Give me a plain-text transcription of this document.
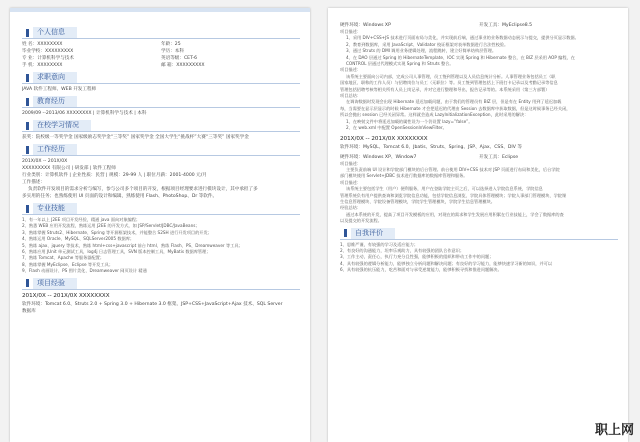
个人信息
姓 名：XXXXXXXX	年龄：25
毕业学校：XXXXXXXXX	学历：本科
专 业：计算机科学与技术	英语等级：CET-6
手 机：XXXXXXXX	邮 箱：XXXXXXXXX
求职意向
JAVA 软件工程师、WEB 开发工程师
教育经历
2009/09 --2013/06 XXXXXXXX | 计算机科学与技术 | 本科
在校学习情况
获奖：院校级一等奖学金 国家级励志奖学金“三等奖” 国家奖学金 全国大学生“挑战杯”大赛“三等奖” 国家奖学金
工作经历
201X/0X -- 201X/0X
XXXXXXXXX 有限公司 | 研发部 | 软件工程师
行业类别：计算机软件 | 企业性质：民营 | 规模：29-99 人 | 职位月薪：2001-4000 元/月
工作描述：
负责软件开发项目的需求分析与编写，参与公司多个项目的开发，根据项目经理要求进行模块设计，其中承担了多
多实用的任务；也熟练使用 UI 页面的设计和编辑，熟练使用 Flash、PhotoShop、Dr 等软件。
专业技能
1、有一年以上 J2EE 项目开发经验，精通 java 面向对象编程；
2、熟悉 WEB 应用开发流程，熟练运用 J2EE 的开发方式，如 JSP/Servlet/JDBC/JavaBeans；
3、熟练掌握 Struts2、Hibernate、Spring 等开源框架技术，并能整合 S2SH 进行开发项目的开发；
4、熟练运用 Oracle、MySQL、SQLServer2005 数据库；
5、熟练 ajax、jquery 等技术，熟练 html+css+javascript 前台 html、熟练 Flash、PS、Dreamweaver 等工具；
6、熟练应用 JUnit 单元测试工具，log4j 日志管理工具，SVN 版本控制工具，MyBatis 数据库管理；
7、熟练 Tomcat、Apache 等服务器配置；
8、熟练掌握 MyEclipse、Eclipse 等开发工具；
9、Flash 动画设计、PS 图片美化、Dreamweaver 网页设计 精通
项目经验
201X/0X -- 201X/0X XXXXXXXX
软件环境：Tomcat 6.0、Struts 2.0 + Spring 3.0 + Hibernate 3.0 框架、JSP+CSS+JavaScript+Ajax 技术、SQL Server
数据库
硬件环境：Windows XP	开发工具：MyEclipse8.5
项目描述：
1、采用 DIV+CSS+JS 技术进行页面布局与美化，并实现前后端，通过事业的业务数据动态展示与提交，提供分页显示数据。
2、教育到数据库，采用 JavaScript、Validator 校证框架对表单数据进行合法性校验。
3、通过 Struts 的 DMI 调用业务逻辑处理，流程跳转，建立好简单结构层管理。
4、在 DAO 层通过 Spring 的 HibernateTemplate、IOC 实现 Spring 和 Hibernate 整合，在 BIZ 层采用 AOP 编程，在
CONTROL 层通过代理模式实现 Spring 和 Struts 整合。
项目描述：
该系统主要面向公司内部，完成公司人事管理，员工签到管理以及人员信息统计分析。人事管理业务包括员工（职
国家地区、职称的工作人员）与招聘岗位与员工（无职位）等。员工签到管理包括上下班打卡记录以及考勤记录等信息
管理包括招聘考核等相关所有人员上岗记录，并对它进行整理和导出，报告记录等的。本系统采用（第三方部署）
项目总结：
在调询数据时发现会出现 Hibernate 延迟加载问题，由于我们的管理员有 BIZ 层，但是有在 Entity 用到了延迟加载
每，当需要在显示层显示的时候 Hibernate 才会把延迟的代理由 Session 去数据库中获取数据，但是这时候事务已经关闭，
所以会抛出 session 已经关闭异常。这样就会造成 LazyInitializationException，此时采用的解决：
1、在映射文件中将延迟加载的属性设为一个仍设置 lazy=”false”。
2、在 web.xml 中配置 OpenSessionInViewFilter。
201X/0X -- 201X/0X XXXXXXXX
软件环境：MySQL、Tomcat 6.0、Jbatis、Struts、Spring、JSP、Ajax、CSS、DIV 等
硬件环境：Windows XP、Window7	开发工具：Eclipse
项目描述：
主要负责前端 UI 设计和学院部门模块的后台管理。前台使用 DIV+CSS 技术对 JSP 页面进行布局和美化，后台学院
部门模块使用 Servlet+JDBC 技术进行数据库的数据库管理和服务。
项目描述：
该系统主要包括学生（用户）便利服务，用户在登陆学院主页之后，可以选择进入学院信息系统，学院信息
管理系统负有用户提供查询和浏览学院信息功能，包括学院信息浏览、学院具体管理模块；学院人事部门管理模块、学院课
生信息管理模块、学院设备管理模块，学院学生管理模块，学院学生信息管理模块。
经验总结：
通过本系统的开发，提高了项目开发模板的应用，对现在的需求和学生发展应用积累在行业技能上，学会了数据库的查
以及提交的开发流程。
自我评价
1、思维严谨，有较强的学习及适应能力；
2、有良好的沟通能力，坦率乐观助力，具有较强的团队合作意识；
3、工作主动，责任心，执行力充分且性强，能够积极的组织和带动工作中的问题；
4、具有较强的逻辑分析能力，能够独立分析问题和解决问题；有良好的学习能力，能够快速学习新的知识，并可以
6、具有较强的抗压能力，吃苦和面对与承受逆境能力，能够积极寻找和推进问题解决。
职上网
